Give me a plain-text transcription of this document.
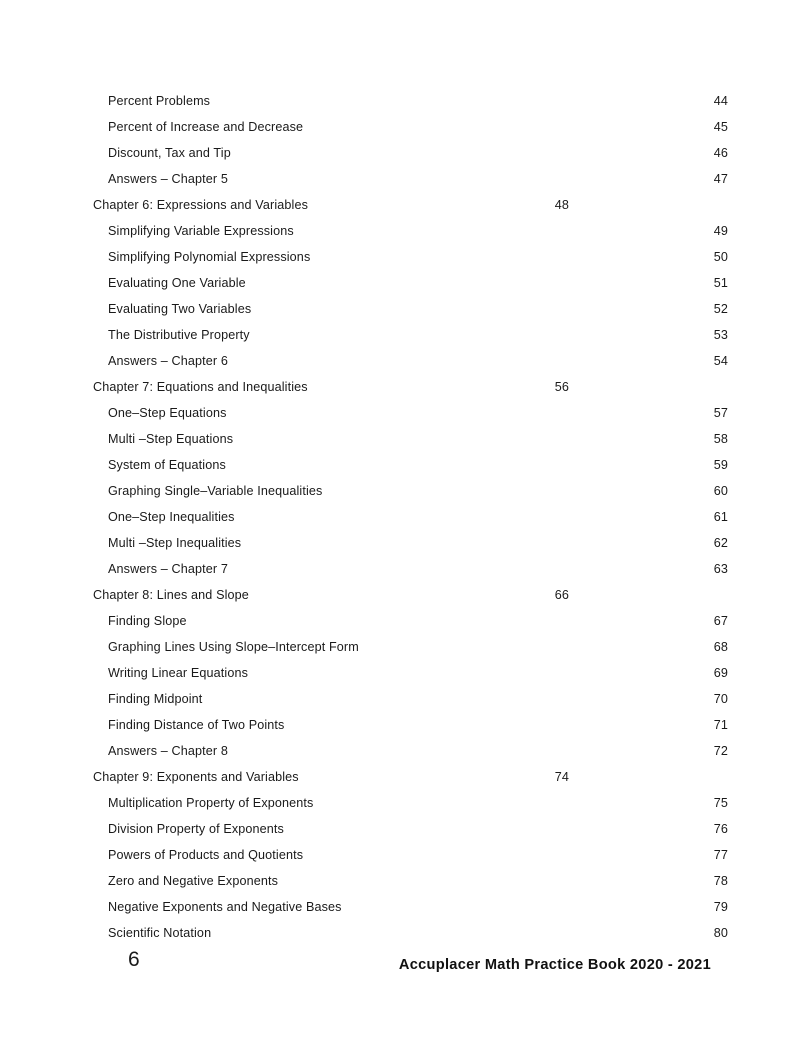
Percent Problems .....	44
Percent of Increase and Decrease .....	45
Discount, Tax and Tip .....	46
Answers – Chapter 5 .....	47
Chapter 6: Expressions and Variables .....	48
Simplifying Variable Expressions .....	49
Simplifying Polynomial Expressions .....	50
Evaluating One Variable .....	51
Evaluating Two Variables .....	52
The Distributive Property .....	53
Answers – Chapter 6 .....	54
Chapter 7: Equations and Inequalities .....	56
One–Step Equations .....	57
Multi –Step Equations .....	58
System of Equations .....	59
Graphing Single–Variable Inequalities .....	60
One–Step Inequalities .....	61
Multi –Step Inequalities .....	62
Answers – Chapter 7 .....	63
Chapter 8: Lines and Slope .....	66
Finding Slope .....	67
Graphing Lines Using Slope–Intercept Form .....	68
Writing Linear Equations .....	69
Finding Midpoint .....	70
Finding Distance of Two Points .....	71
Answers – Chapter 8 .....	72
Chapter 9: Exponents and Variables .....	74
Multiplication Property of Exponents .....	75
Division Property of Exponents .....	76
Powers of Products and Quotients .....	77
Zero and Negative Exponents .....	78
Negative Exponents and Negative Bases .....	79
Scientific Notation .....	80
6	Accuplacer Math Practice Book 2020 - 2021
